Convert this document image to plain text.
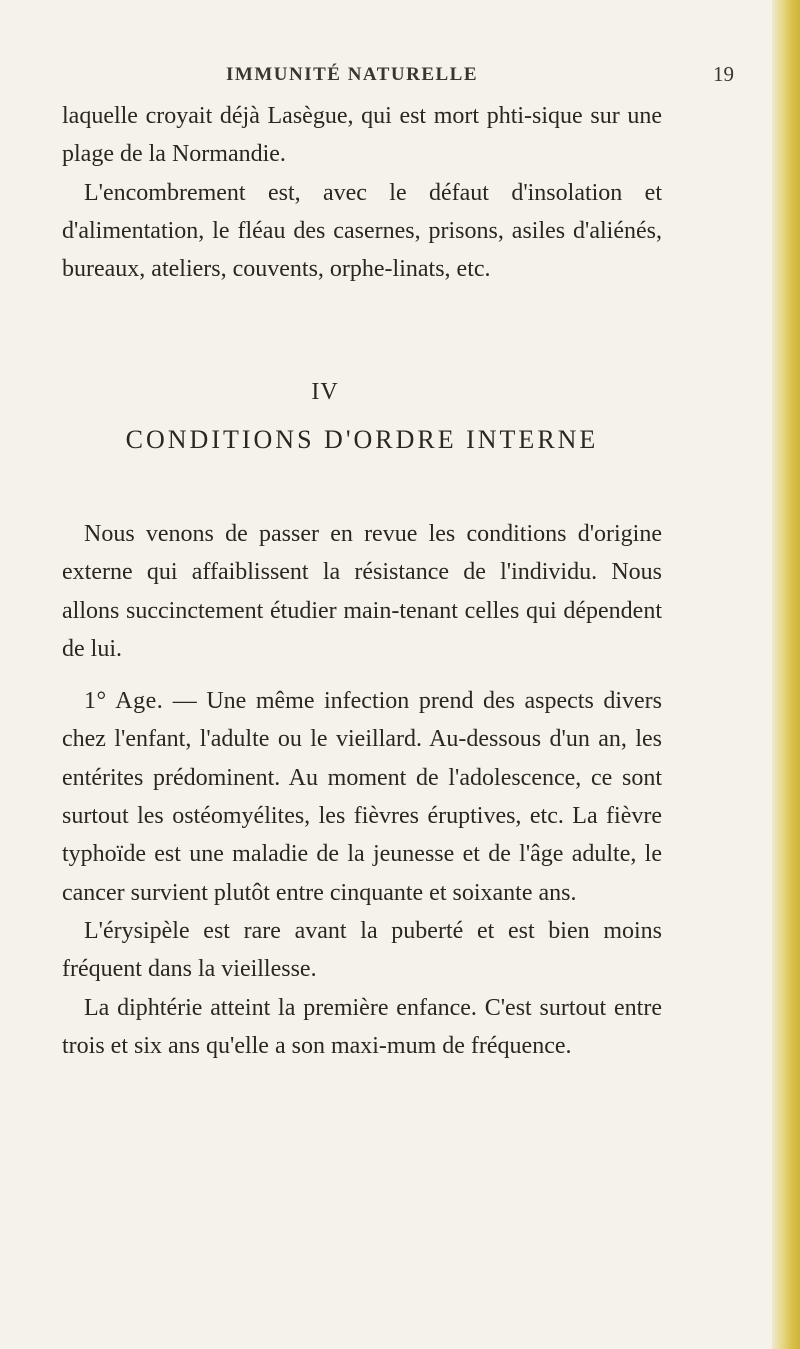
IMMUNITÉ NATURELLE	19

laquelle croyait déjà Lasègue, qui est mort phti-sique sur une plage de la Normandie.

L'encombrement est, avec le défaut d'insolation et d'alimentation, le fléau des casernes, prisons, asiles d'aliénés, bureaux, ateliers, couvents, orphe-linats, etc.

IV
CONDITIONS D'ORDRE INTERNE

Nous venons de passer en revue les conditions d'origine externe qui affaiblissent la résistance de l'individu. Nous allons succinctement étudier main-tenant celles qui dépendent de lui.

1° Age. — Une même infection prend des aspects divers chez l'enfant, l'adulte ou le vieillard. Au-dessous d'un an, les entérites prédominent. Au moment de l'adolescence, ce sont surtout les ostéomyélites, les fièvres éruptives, etc. La fièvre typhoïde est une maladie de la jeunesse et de l'âge adulte, le cancer survient plutôt entre cinquante et soixante ans.

L'érysipèle est rare avant la puberté et est bien moins fréquent dans la vieillesse.

La diphtérie atteint la première enfance. C'est surtout entre trois et six ans qu'elle a son maxi-mum de fréquence.
